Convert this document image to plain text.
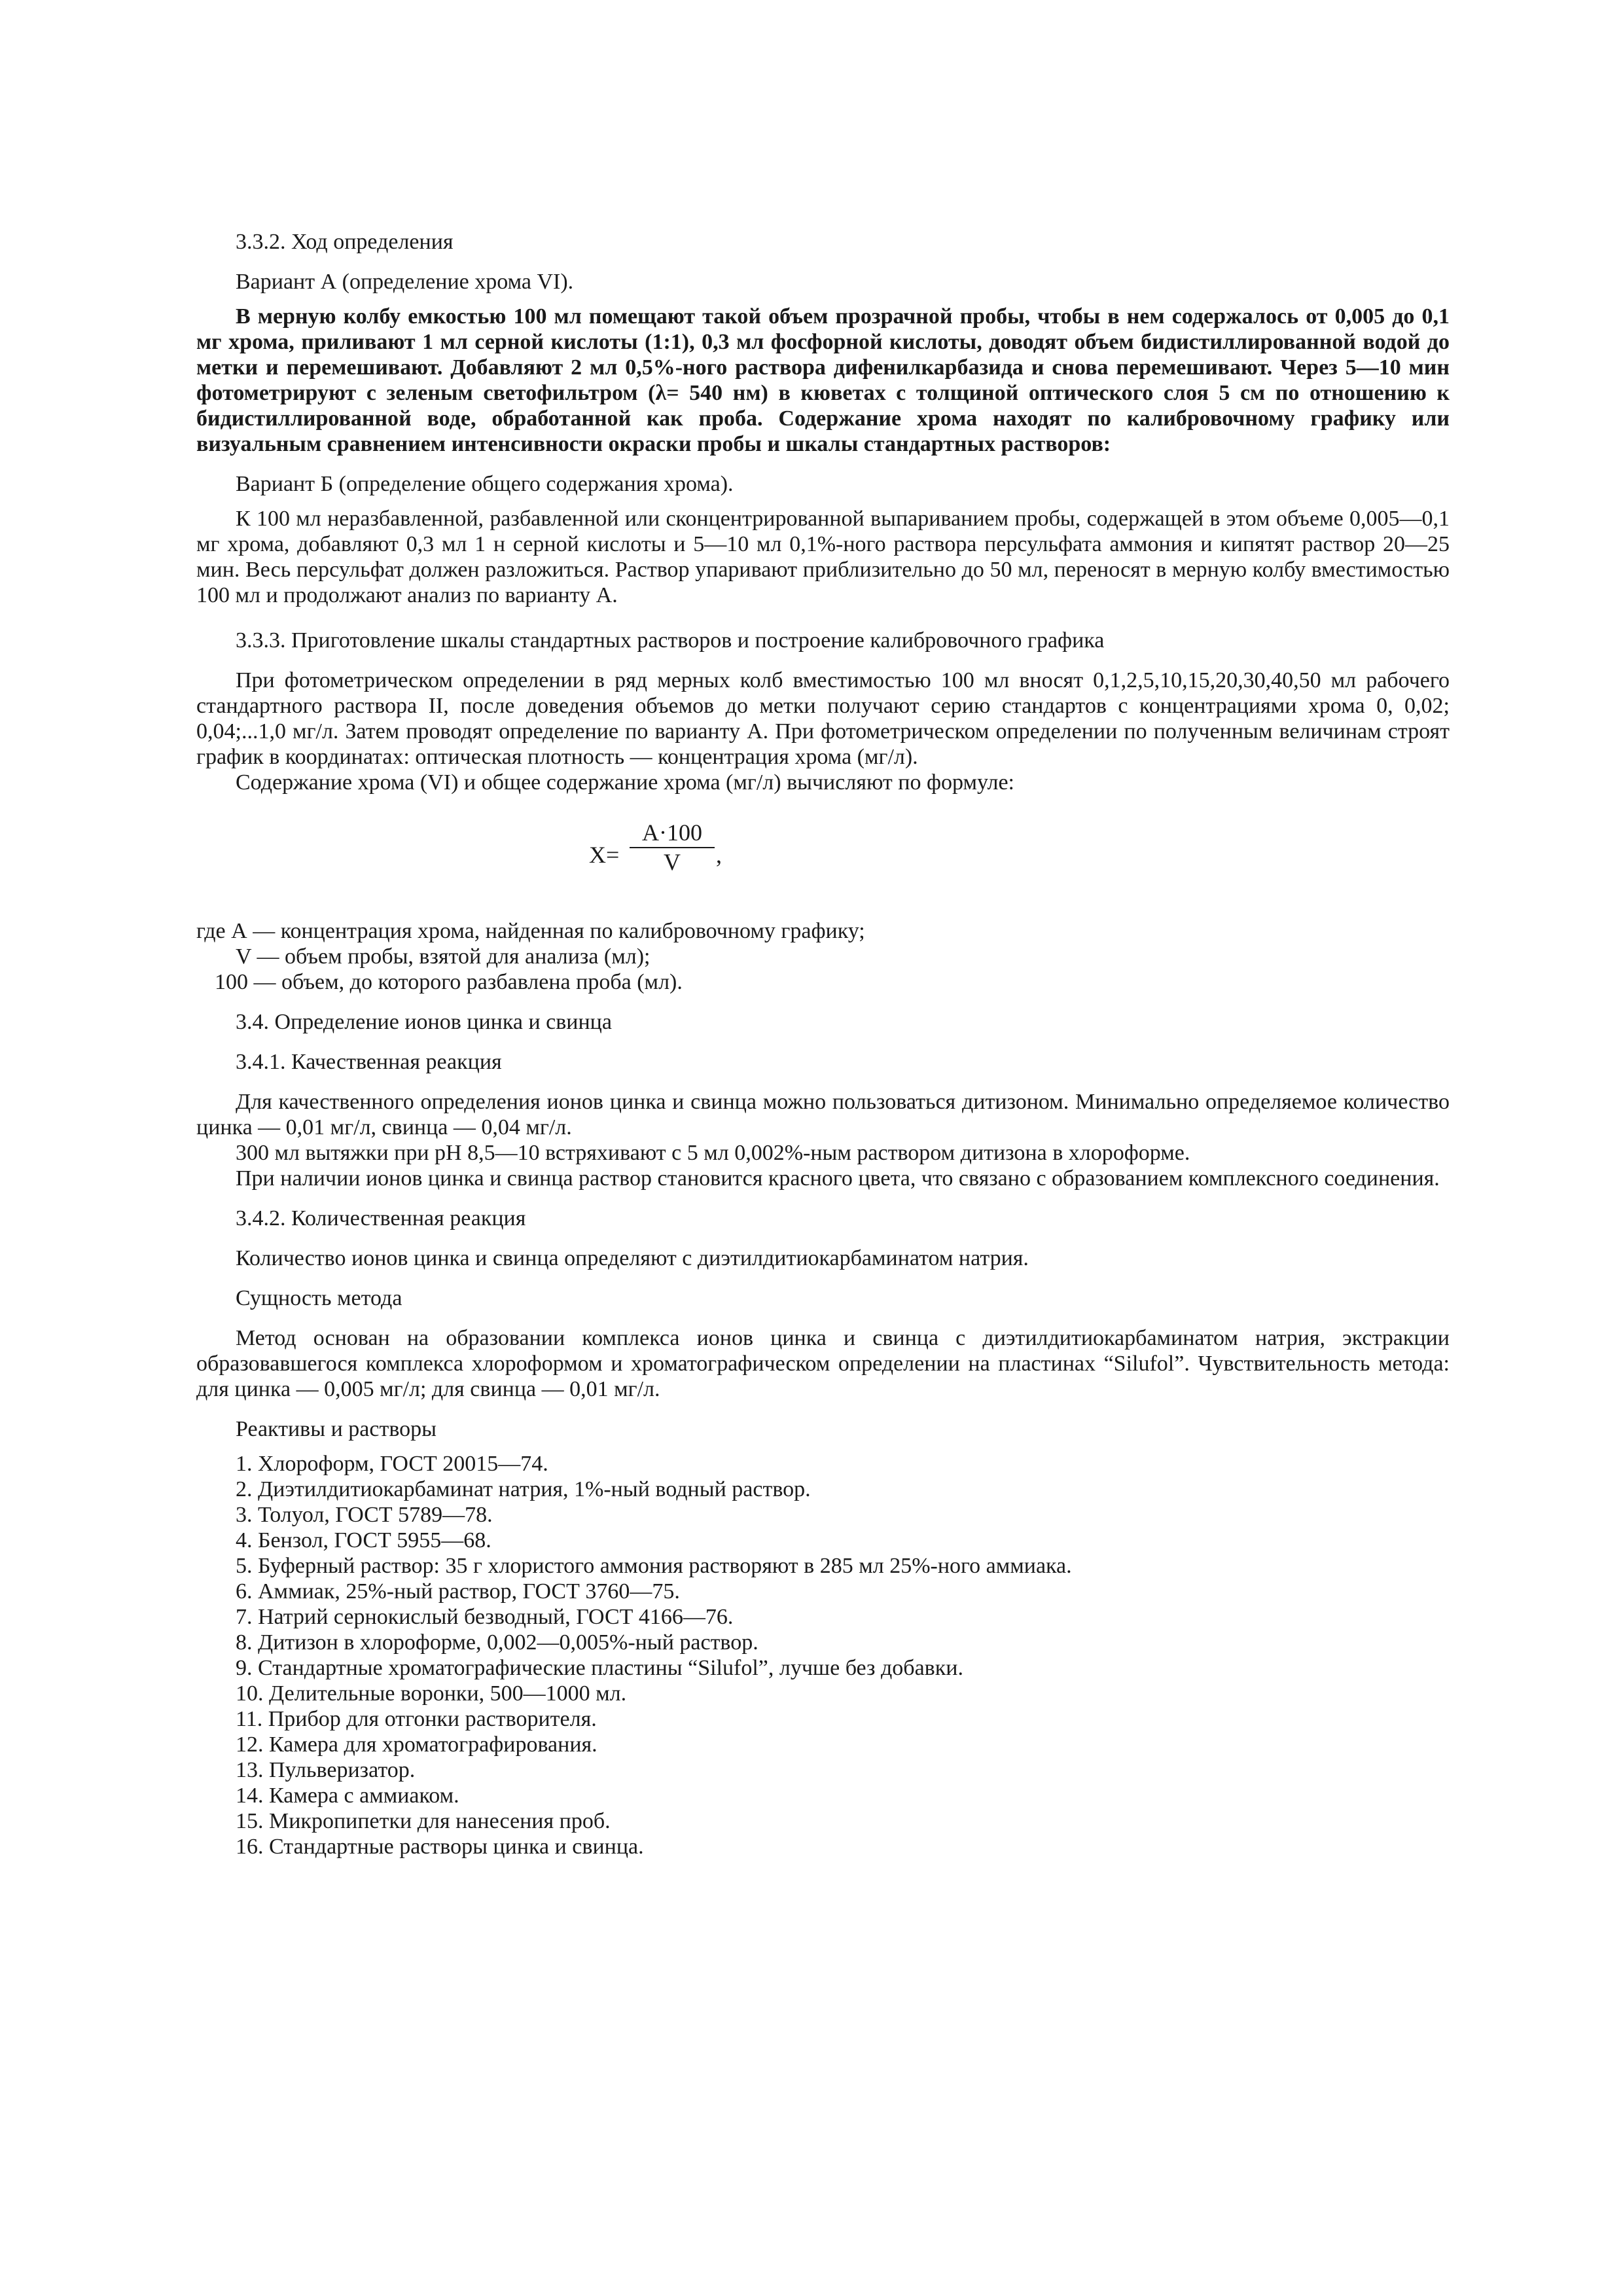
3.3.2. Ход определения

Вариант А (определение хрома VI).

В мерную колбу емкостью 100 мл помещают такой объем прозрачной пробы, чтобы в нем содержалось от 0,005 до 0,1 мг хрома, приливают 1 мл серной кислоты (1:1), 0,3 мл фосфорной кислоты, доводят объем бидистиллированной водой до метки и перемешивают. Добавляют 2 мл 0,5%-ного раствора дифенилкарбазида и снова перемешивают. Через 5—10 мин фотометрируют с зеленым светофильтром (λ= 540 нм) в кюветах с толщиной оптического слоя 5 см по отношению к бидистиллированной воде, обработанной как проба. Содержание хрома находят по калибровочному графику или визуальным сравнением интенсивности окраски пробы и шкалы стандартных растворов:

Вариант Б (определение общего содержания хрома).

К 100 мл неразбавленной, разбавленной или сконцентрированной выпариванием пробы, содержащей в этом объеме 0,005—0,1 мг хрома, добавляют 0,3 мл 1 н серной кислоты и 5—10 мл 0,1%-ного раствора персульфата аммония и кипятят раствор 20—25 мин. Весь персульфат должен разложиться. Раствор упаривают приблизительно до 50 мл, переносят в мерную колбу вместимостью 100 мл и продолжают анализ по варианту А.

3.3.3. Приготовление шкалы стандартных растворов и построение калибровочного графика

При фотометрическом определении в ряд мерных колб вместимостью 100 мл вносят 0,1,2,5,10,15,20,30,40,50 мл рабочего стандартного раствора II, после доведения объемов до метки получают серию стандартов с концентрациями хрома 0, 0,02; 0,04;...1,0 мг/л. Затем проводят определение по варианту А. При фотометрическом определении по полученным величинам строят график в координатах: оптическая плотность — концентрация хрома (мг/л).

Содержание хрома (VI) и общее содержание хрома (мг/л) вычисляют по формуле:

X=
A·100
V	,
где А — концентрация хрома, найденная по калибровочному графику;
V — объем пробы, взятой для анализа (мл);
100 — объем, до которого разбавлена проба (мл).

3.4. Определение ионов цинка и свинца

3.4.1. Качественная реакция

Для качественного определения ионов цинка и свинца можно пользоваться дитизоном. Минимально определяемое количество цинка — 0,01 мг/л, свинца — 0,04 мг/л.

300 мл вытяжки при pH 8,5—10 встряхивают с 5 мл 0,002%-ным раствором дитизона в хлороформе.

При наличии ионов цинка и свинца раствор становится красного цвета, что связано с образованием комплексного соединения.

3.4.2. Количественная реакция

Количество ионов цинка и свинца определяют с диэтилдитиокарбаминатом натрия.

Сущность метода

Метод основан на образовании комплекса ионов цинка и свинца с диэтилдитиокарбаминатом натрия, экстракции образовавшегося комплекса хлороформом и хроматографическом определении на пластинах “Silufol”. Чувствительность метода: для цинка — 0,005 мг/л; для свинца — 0,01 мг/л.

Реактивы и растворы

1. Хлороформ, ГОСТ 20015—74.
2. Диэтилдитиокарбаминат натрия, 1%-ный водный раствор.
3. Толуол, ГОСТ 5789—78.
4. Бензол, ГОСТ 5955—68.
5. Буферный раствор: 35 г хлористого аммония растворяют в 285 мл 25%-ного аммиака.
6. Аммиак, 25%-ный раствор, ГОСТ 3760—75.
7. Натрий сернокислый безводный, ГОСТ 4166—76.
8. Дитизон в хлороформе, 0,002—0,005%-ный раствор.
9. Стандартные хроматографические пластины “Silufol”, лучше без добавки.
10. Делительные воронки, 500—1000 мл.
11. Прибор для отгонки растворителя.
12. Камера для хроматографирования.
13. Пульверизатор.
14. Камера с аммиаком.
15. Микропипетки для нанесения проб.
16. Стандартные растворы цинка и свинца.
